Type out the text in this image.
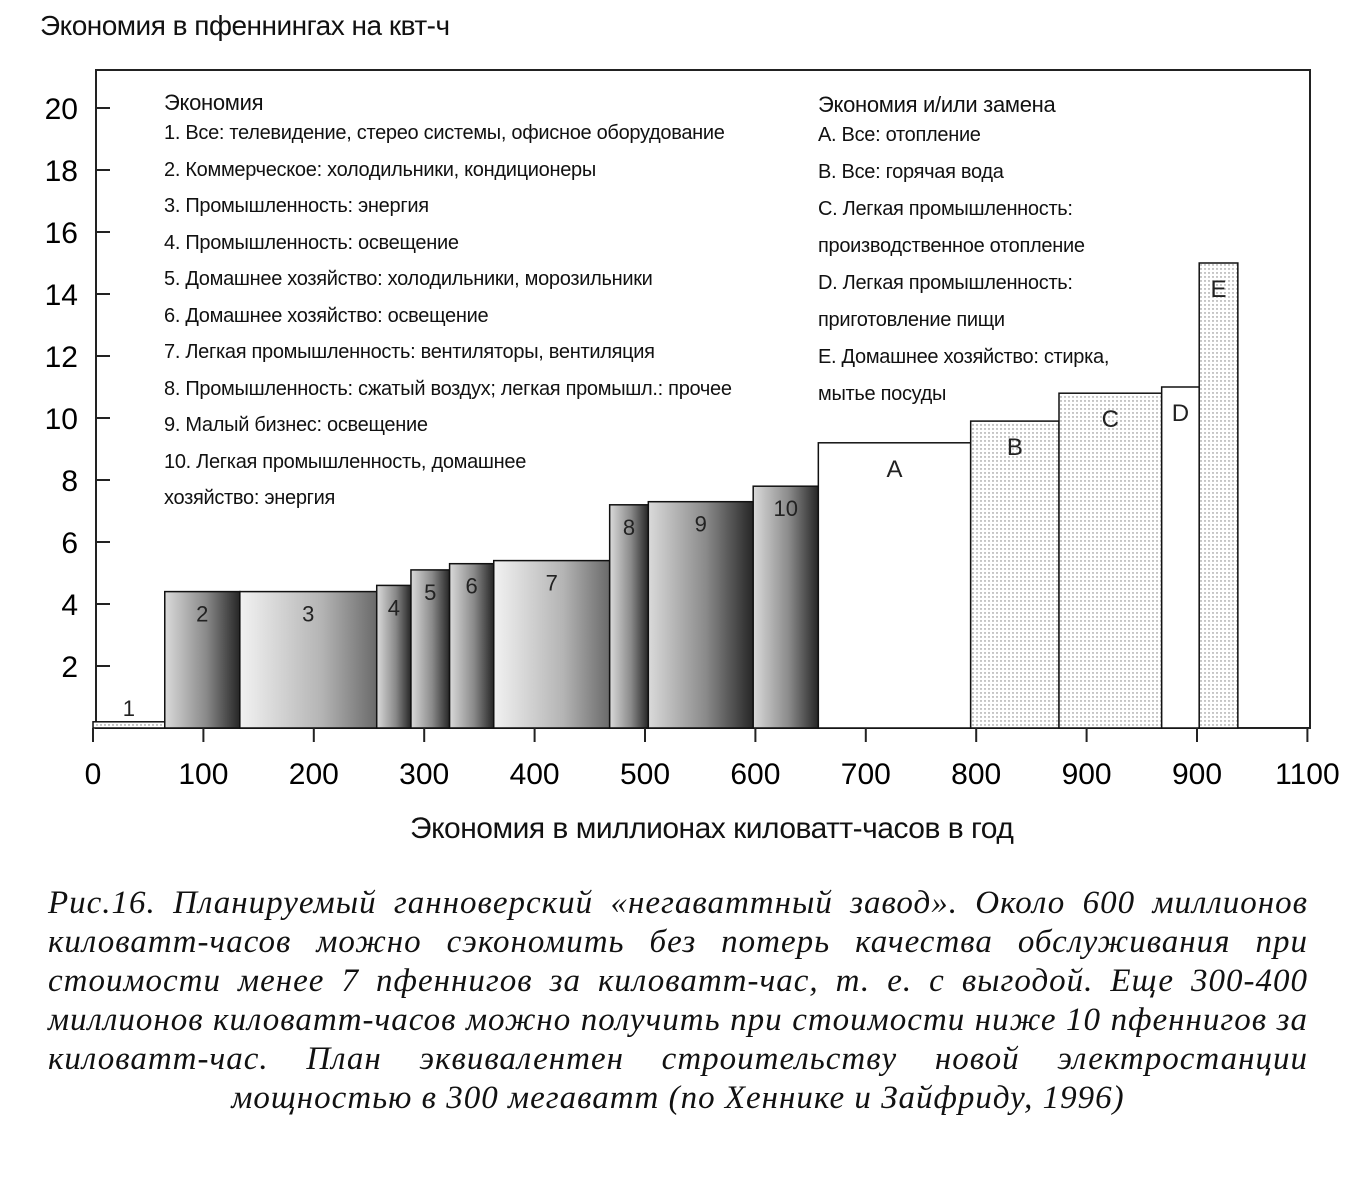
Экономия в пфеннингах на квт-ч
1
2	3	4
5 6	7
8	9
10
A
B
C D
E
2
4
6
8
10
12
14
16
18
20
0	100 200 300 400 500 600 700 800 900 900 1100
Экономия
1. Все: телевидение, стерео системы, офисное оборудование
2. Коммерческое: холодильники, кондиционеры
3. Промышленность: энергия
4. Промышленность: освещение
5. Домашнее хозяйство: холодильники, морозильники
6. Домашнее хозяйство: освещение
7. Легкая промышленность: вентиляторы, вентиляция
8. Промышленность: сжатый воздух; легкая промышл.: прочее
9. Малый бизнес: освещение
10. Легкая промышленность, домашнее
хозяйство: энергия
Экономия и/или замена
A. Все: отопление
B. Все: горячая вода
C. Легкая промышленность:
производственное отопление
D. Легкая промышленность:
приготовление пищи
E. Домашнее хозяйство: стирка,
мытье посуды
Экономия в миллионах киловатт-часов в год
Рис.16. Планируемый ганноверский «негаваттный завод». Около 600 миллионов киловатт-часов можно сэкономить без потерь качества обслуживания при стоимости менее 7 пфеннигов за киловатт-час, т. е. с выгодой. Еще 300-400 миллионов киловатт-часов можно получить при стоимости ниже 10 пфеннигов за киловатт-час. План эквивалентен строительству новой электростанции мощностью в 300 мегаватт (по Хеннике и Зайфриду, 1996)
